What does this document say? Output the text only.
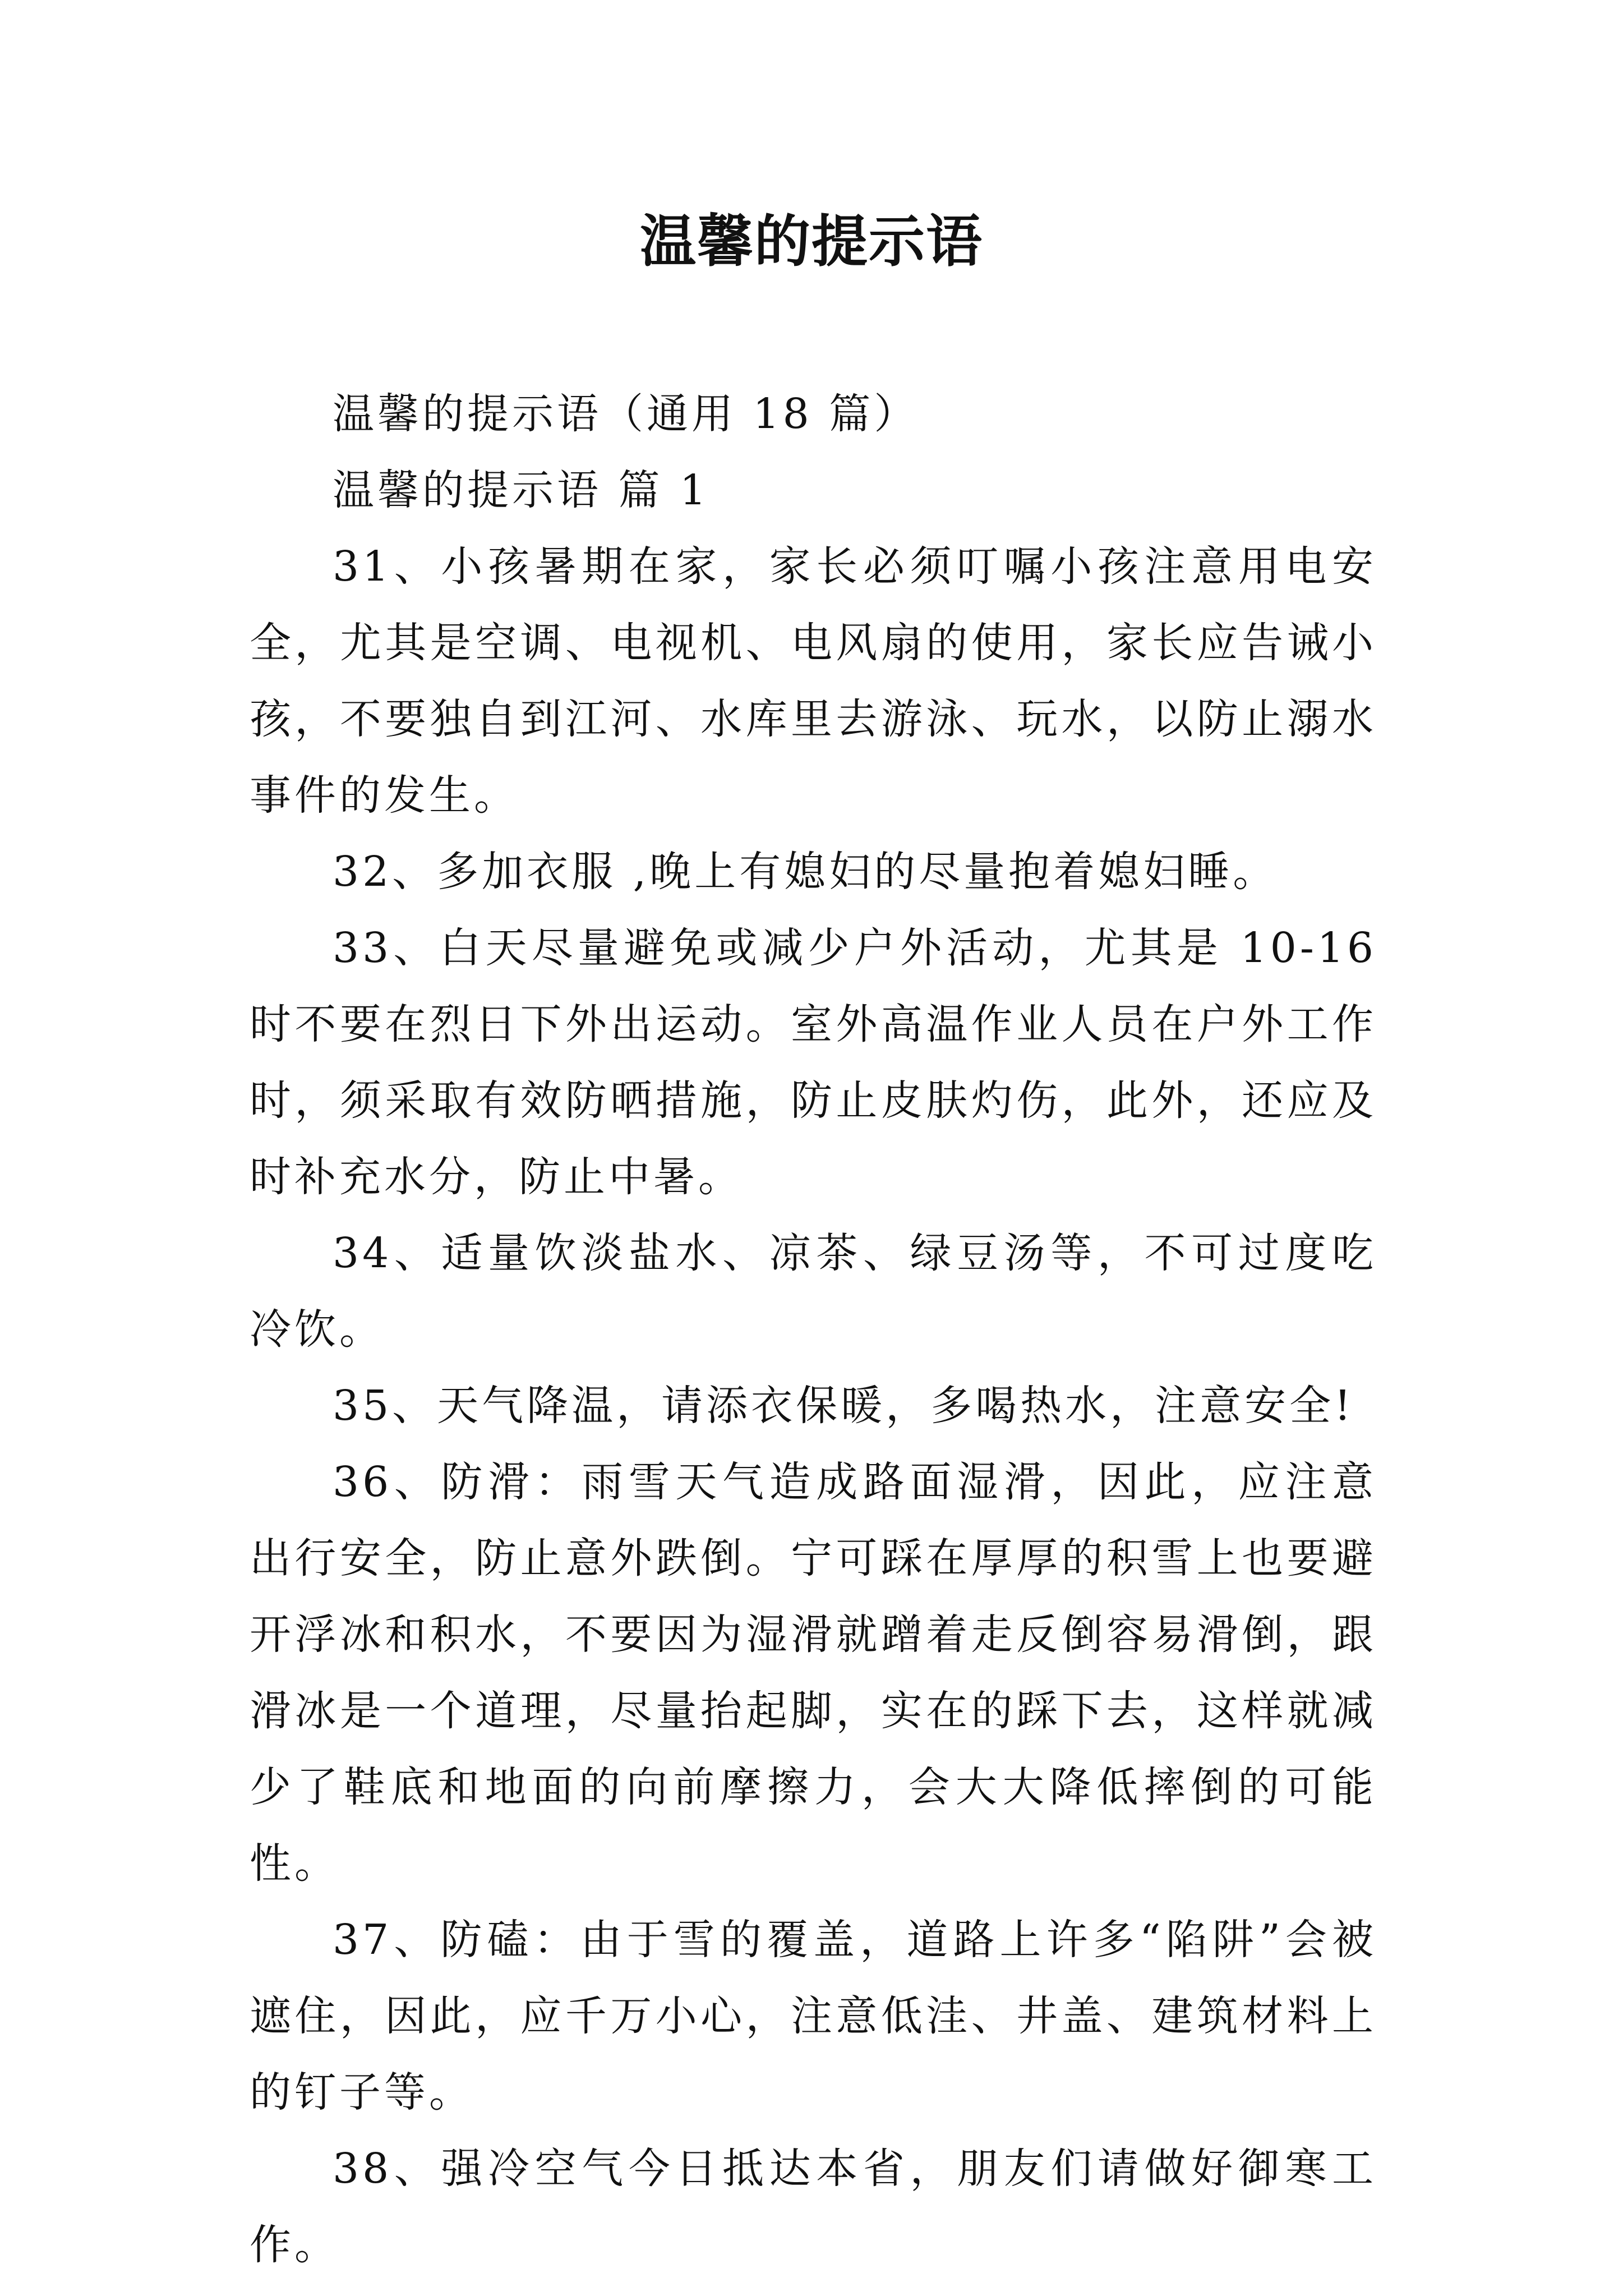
温馨的提示语

温馨的提示语（通用 18 篇）

温馨的提示语 篇 1

31、小孩暑期在家，家长必须叮嘱小孩注意用电安全，尤其是空调、电视机、电风扇的使用，家长应告诫小孩，不要独自到江河、水库里去游泳、玩水，以防止溺水事件的发生。

32、多加衣服 ,晚上有媳妇的尽量抱着媳妇睡。

33、白天尽量避免或减少户外活动，尤其是 10-16 时不要在烈日下外出运动。室外高温作业人员在户外工作时，须采取有效防晒措施，防止皮肤灼伤，此外，还应及时补充水分，防止中暑。

34、适量饮淡盐水、凉茶、绿豆汤等，不可过度吃冷饮。

35、天气降温，请添衣保暖，多喝热水，注意安全!

36、防滑：雨雪天气造成路面湿滑，因此，应注意出行安全，防止意外跌倒。宁可踩在厚厚的积雪上也要避开浮冰和积水，不要因为湿滑就蹭着走反倒容易滑倒，跟滑冰是一个道理，尽量抬起脚，实在的踩下去，这样就减少了鞋底和地面的向前摩擦力，会大大降低摔倒的可能性。

37、防磕：由于雪的覆盖，道路上许多“陷阱”会被遮住，因此，应千万小心，注意低洼、井盖、建筑材料上的钉子等。

38、强冷空气今日抵达本省，朋友们请做好御寒工作。
